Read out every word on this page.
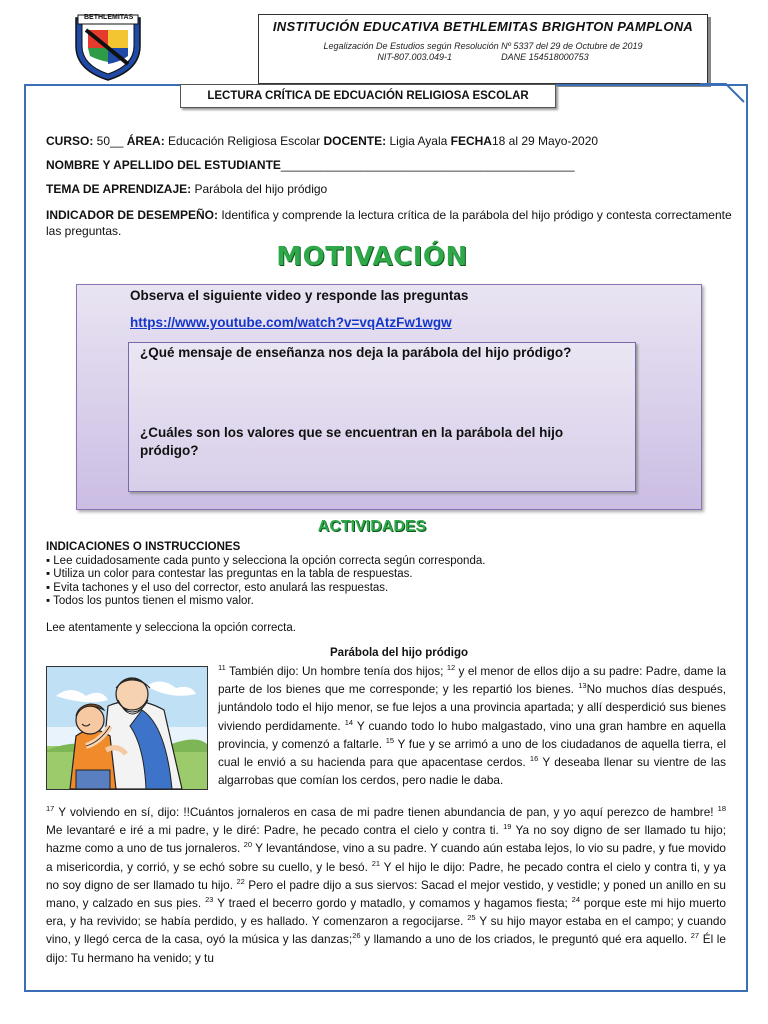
BETHLEMITAS
INSTITUCIÓN EDUCATIVA BETHLEMITAS BRIGHTON PAMPLONA
Legalización De Estudios según Resolución Nº 5337 del 29 de Octubre de 2019
NIT-807.003.049-1	DANE 154518000753
LECTURA CRÍTICA DE EDCUACIÓN RELIGIOSA ESCOLAR
CURSO: 50__ ÁREA: Educación Religiosa Escolar DOCENTE: Ligia Ayala FECHA18 al 29 Mayo-2020
NOMBRE Y APELLIDO DEL ESTUDIANTE____________________________________________
TEMA DE APRENDIZAJE: Parábola del hijo pródigo
INDICADOR DE DESEMPEÑO: Identifica y comprende la lectura crítica de la parábola del hijo pródigo y contesta correctamente las preguntas.
MOTIVACIÓN
Observa el siguiente video y responde las preguntas
https://www.youtube.com/watch?v=vqAtzFw1wgw
¿Qué mensaje de enseñanza nos deja la parábola del hijo pródigo?
¿Cuáles son los valores que se encuentran en la parábola del hijo pródigo?
ACTIVIDADES
INDICACIONES O INSTRUCCIONES
▪ Lee cuidadosamente cada punto y selecciona la opción correcta según corresponda.
▪ Utiliza un color para contestar las preguntas en la tabla de respuestas.
▪ Evita tachones y el uso del corrector, esto anulará las respuestas.
▪ Todos los puntos tienen el mismo valor.
Lee atentamente y selecciona la opción correcta.
Parábola del hijo pródigo
$^{11}$ También dijo: Un hombre tenía dos hijos; $^{12}$ y el menor de ellos dijo a su padre: Padre, dame la parte de los bienes que me corresponde; y les repartió los bienes. $^{13}$No muchos días después, juntándolo todo el hijo menor, se fue lejos a una provincia apartada; y allí desperdició sus bienes viviendo perdidamente. $^{14}$ Y cuando todo lo hubo malgastado, vino una gran hambre en aquella provincia, y comenzó a faltarle. $^{15}$ Y fue y se arrimó a uno de los ciudadanos de aquella tierra, el cual le envió a su hacienda para que apacentase cerdos. $^{16}$ Y deseaba llenar su vientre de las algarrobas que comían los cerdos, pero nadie le daba.
$^{17}$ Y volviendo en sí, dijo: !!Cuántos jornaleros en casa de mi padre tienen abundancia de pan, y yo aquí perezco de hambre! $^{18}$ Me levantaré e iré a mi padre, y le diré: Padre, he pecado contra el cielo y contra ti. $^{19}$ Ya no soy digno de ser llamado tu hijo; hazme como a uno de tus jornaleros. $^{20}$ Y levantándose, vino a su padre. Y cuando aún estaba lejos, lo vio su padre, y fue movido a misericordia, y corrió, y se echó sobre su cuello, y le besó. $^{21}$ Y el hijo le dijo: Padre, he pecado contra el cielo y contra ti, y ya no soy digno de ser llamado tu hijo. $^{22}$ Pero el padre dijo a sus siervos: Sacad el mejor vestido, y vestidle; y poned un anillo en su mano, y calzado en sus pies. $^{23}$ Y traed el becerro gordo y matadlo, y comamos y hagamos fiesta; $^{24}$ porque este mi hijo muerto era, y ha revivido; se había perdido, y es hallado. Y comenzaron a regocijarse. $^{25}$ Y su hijo mayor estaba en el campo; y cuando vino, y llegó cerca de la casa, oyó la música y las danzas;$^{26}$ y llamando a uno de los criados, le preguntó qué era aquello. $^{27}$ Él le dijo: Tu hermano ha venido; y tu
